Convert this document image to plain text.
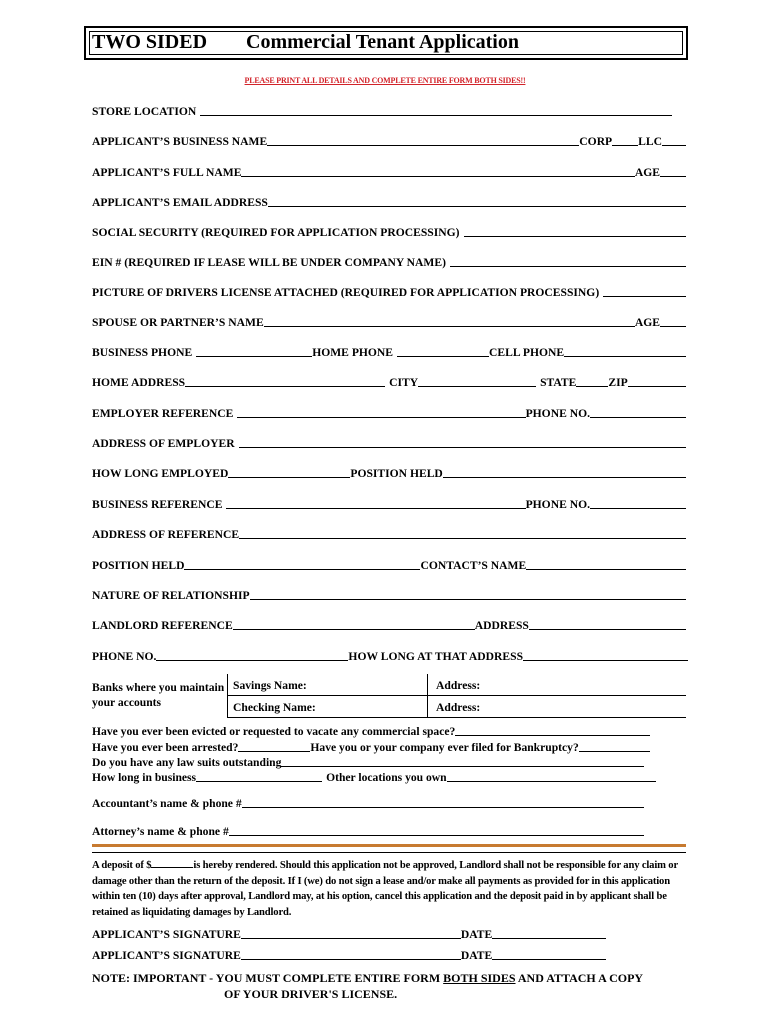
TWO SIDED Commercial Tenant Application
PLEASE PRINT ALL DETAILS AND COMPLETE ENTIRE FORM BOTH SIDES!!
STORE LOCATION
APPLICANT’S BUSINESS NAME	CORP LLC
APPLICANT’S FULL NAME	AGE
APPLICANT’S EMAIL ADDRESS
SOCIAL SECURITY (REQUIRED FOR APPLICATION PROCESSING)
EIN # (REQUIRED IF LEASE WILL BE UNDER COMPANY NAME)
PICTURE OF DRIVERS LICENSE ATTACHED (REQUIRED FOR APPLICATION PROCESSING)
SPOUSE OR PARTNER’S NAME	AGE
BUSINESS PHONE	HOME PHONE	CELL PHONE
HOME ADDRESS	CITY	STATE	ZIP
EMPLOYER REFERENCE	PHONE NO.
ADDRESS OF EMPLOYER
HOW LONG EMPLOYED	POSITION HELD
BUSINESS REFERENCE	PHONE NO.
ADDRESS OF REFERENCE
POSITION HELD	CONTACT’S NAME
NATURE OF RELATIONSHIP
LANDLORD REFERENCE	ADDRESS
PHONE NO.	HOW LONG AT THAT ADDRESS
Banks where you maintain your accounts
Savings Name:	Address:
Checking Name:	Address:
Have you ever been evicted or requested to vacate any commercial space?
Have you ever been arrested?	Have you or your company ever filed for Bankruptcy?
Do you have any law suits outstanding
How long in business	Other locations you own
Accountant’s name & phone #
Attorney’s name & phone #
A deposit of $	is hereby rendered. Should this application not be approved, Landlord shall not be responsible for any claim or damage other than the return of the deposit. If I (we) do not sign a lease and/or make all payments as provided for in this application within ten (10) days after approval, Landlord may, at his option, cancel this application and the deposit paid in by applicant shall be retained as liquidating damages by Landlord.
APPLICANT’S SIGNATURE	DATE
APPLICANT’S SIGNATURE	DATE
NOTE: IMPORTANT - YOU MUST COMPLETE ENTIRE FORM BOTH SIDES AND ATTACH A COPY
OF YOUR DRIVER'S LICENSE.
